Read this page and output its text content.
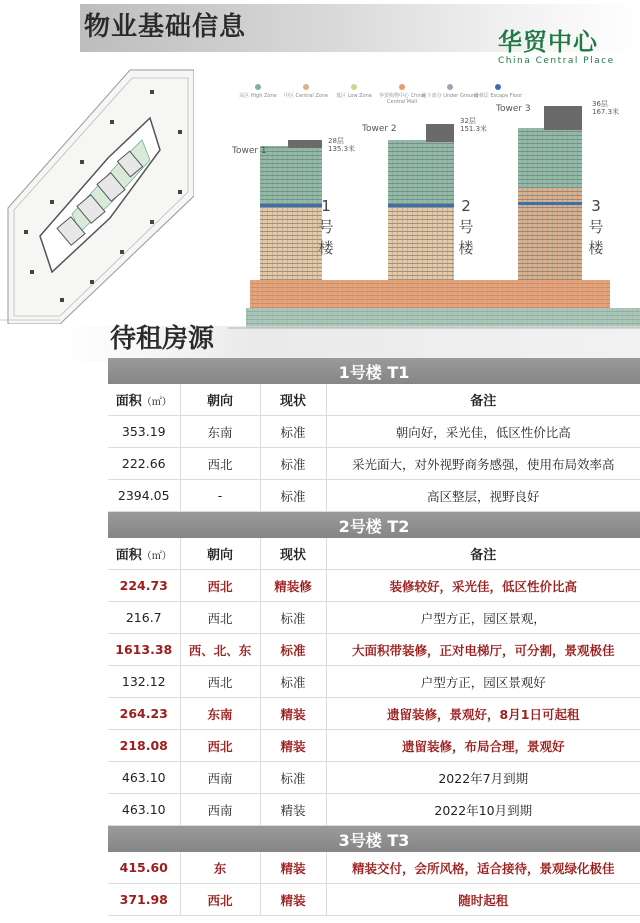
物业基础信息	华贸中心
China Central Place
高区 High Zone	中区 Central Zone	低区 Low Zone	华贸购物中心 China Central Mall
地下部分 Under Ground
避难层 Escape Floor
Tower 1
28层
135.3米
1
号
楼
Tower 2
32层
151.3米
2
号
楼
Tower 3	36层
167.3米
3
号
楼
待租房源
1号楼 T1
面积（㎡）	朝向	现状	备注
353.19	东南	标准	朝向好，采光佳，低区性价比高
222.66	西北	标准	采光面大，对外视野商务感强，使用布局效率高
2394.05	-	标准	高区整层，视野良好
2号楼 T2
面积（㎡）	朝向	现状	备注
224.73	西北	精装修	装修较好，采光佳，低区性价比高
216.7	西北	标准	户型方正，园区景观，
1613.38	西、北、东	标准	大面积带装修，正对电梯厅，可分割，景观极佳
132.12	西北	标准	户型方正，园区景观好
264.23	东南	精装	遗留装修，景观好，8月1日可起租
218.08	西北	精装	遗留装修，布局合理，景观好
463.10	西南	标准	2022年7月到期
463.10	西南	精装	2022年10月到期
3号楼 T3
415.60	东	精装	精装交付，会所风格，适合接待，景观绿化极佳
371.98	西北	精装	随时起租
